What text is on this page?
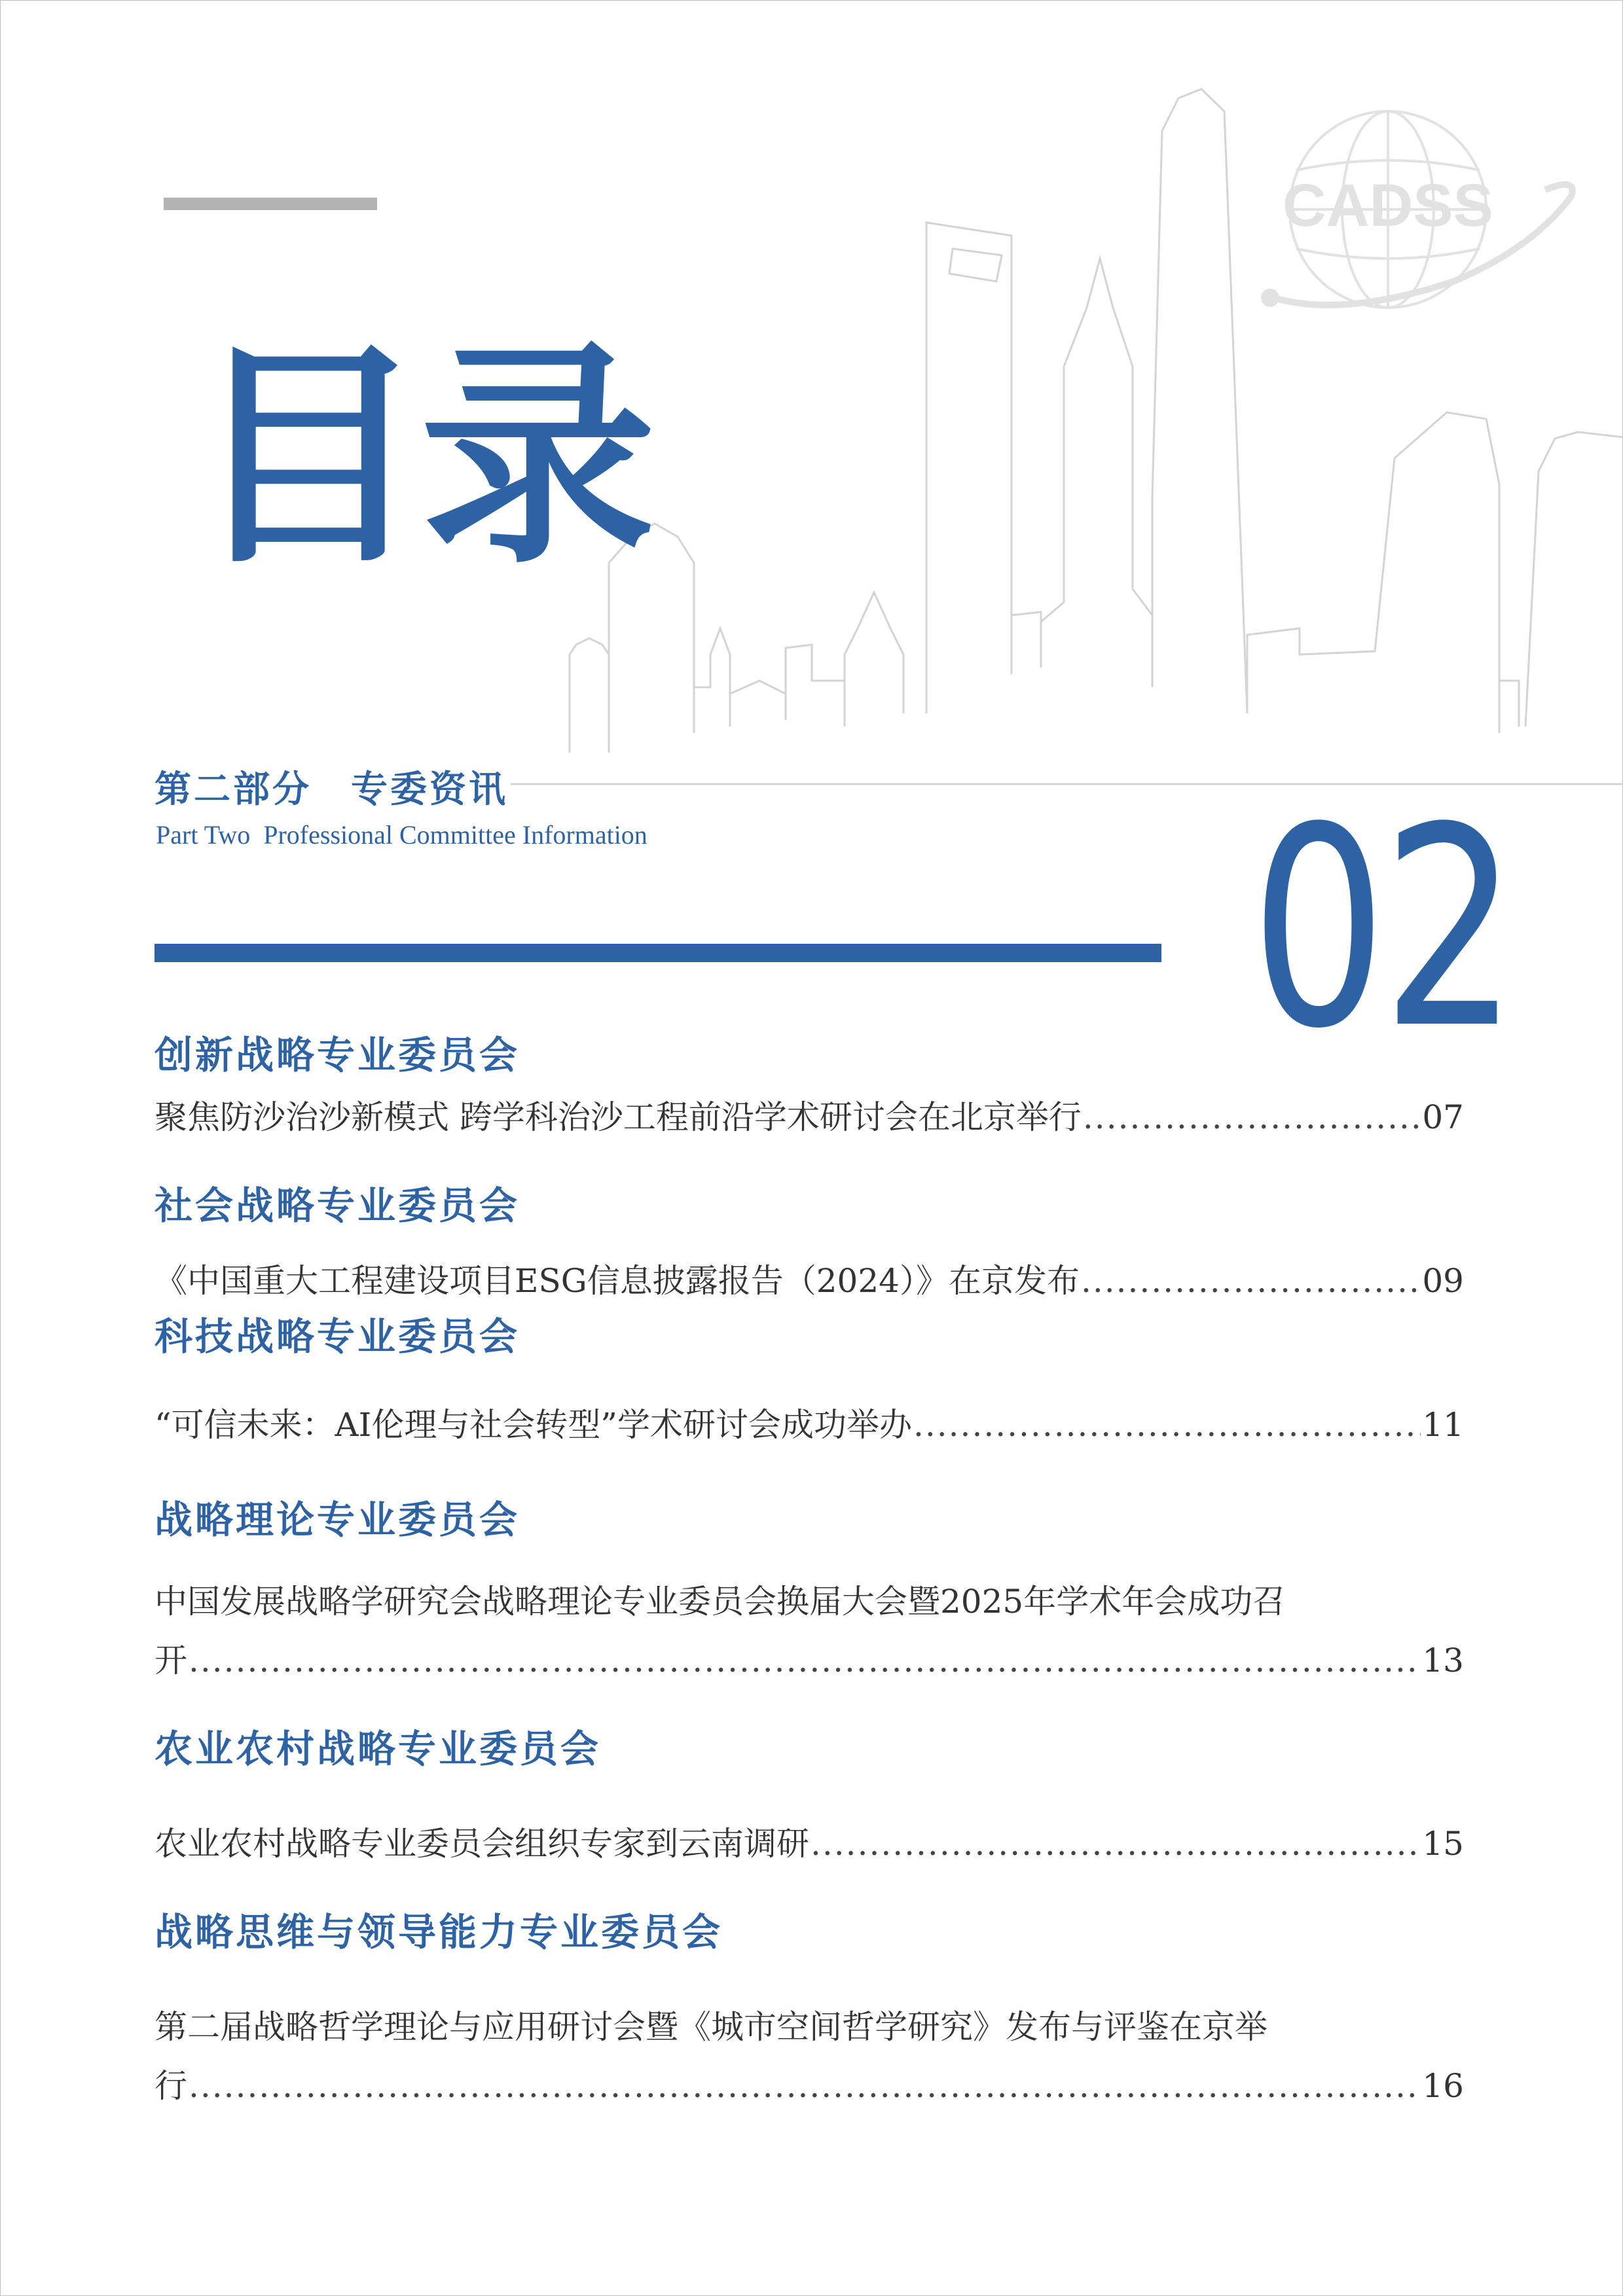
CADSS
目录
第二部分　专委资讯
Part Two  Professional Committee Information 02
创新战略专业委员会
聚焦防沙治沙新模式 跨学科治沙工程前沿学术研讨会在北京举行 .....	07
社会战略专业委员会
《中国重大工程建设项目ESG信息披露报告（2024）》在京发布 .....	09
科技战略专业委员会
“可信未来：AI伦理与社会转型”学术研讨会成功举办 .....	11
战略理论专业委员会
中国发展战略学研究会战略理论专业委员会换届大会暨2025年学术年会成功召
开 .....	13
农业农村战略专业委员会
农业农村战略专业委员会组织专家到云南调研 .....	15
战略思维与领导能力专业委员会
第二届战略哲学理论与应用研讨会暨《城市空间哲学研究》发布与评鉴在京举
行 .....	16
